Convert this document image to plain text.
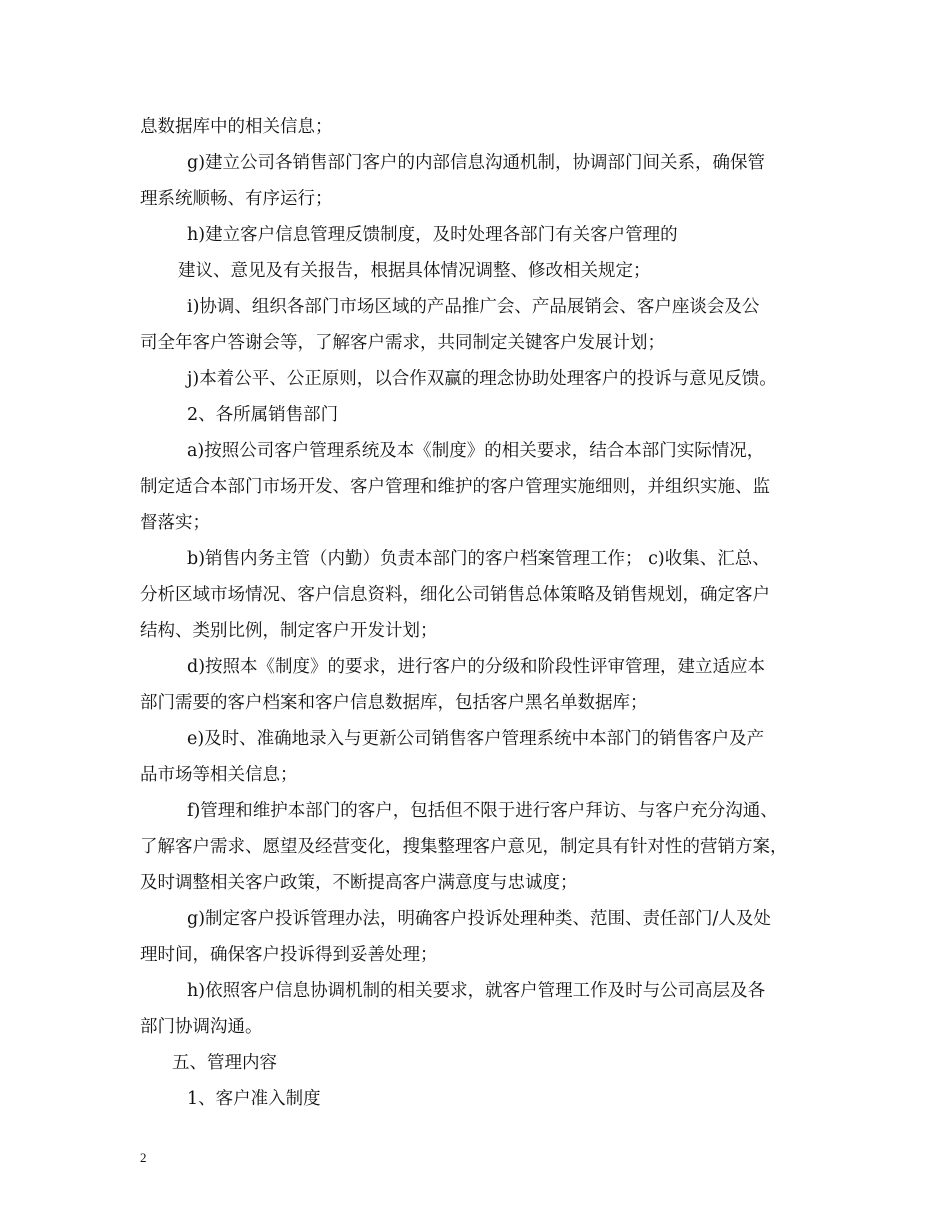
息数据库中的相关信息；
g)建立公司各销售部门客户的内部信息沟通机制，协调部门间关系，确保管
理系统顺畅、有序运行；
h)建立客户信息管理反馈制度，及时处理各部门有关客户管理的
建议、意见及有关报告，根据具体情况调整、修改相关规定；
i)协调、组织各部门市场区域的产品推广会、产品展销会、客户座谈会及公
司全年客户答谢会等，了解客户需求，共同制定关键客户发展计划；
j)本着公平、公正原则，以合作双赢的理念协助处理客户的投诉与意见反馈。
2、各所属销售部门
a)按照公司客户管理系统及本《制度》的相关要求，结合本部门实际情况，
制定适合本部门市场开发、客户管理和维护的客户管理实施细则，并组织实施、监
督落实；
b)销售内务主管（内勤）负责本部门的客户档案管理工作； c)收集、汇总、
分析区域市场情况、客户信息资料，细化公司销售总体策略及销售规划，确定客户
结构、类别比例，制定客户开发计划；
d)按照本《制度》的要求，进行客户的分级和阶段性评审管理，建立适应本
部门需要的客户档案和客户信息数据库，包括客户黑名单数据库；
e)及时、准确地录入与更新公司销售客户管理系统中本部门的销售客户及产
品市场等相关信息；
f)管理和维护本部门的客户，包括但不限于进行客户拜访、与客户充分沟通、
了解客户需求、愿望及经营变化，搜集整理客户意见，制定具有针对性的营销方案，
及时调整相关客户政策，不断提高客户满意度与忠诚度；
g)制定客户投诉管理办法，明确客户投诉处理种类、范围、责任部门/人及处
理时间，确保客户投诉得到妥善处理；
h)依照客户信息协调机制的相关要求，就客户管理工作及时与公司高层及各
部门协调沟通。
五、管理内容
1、客户准入制度
2
